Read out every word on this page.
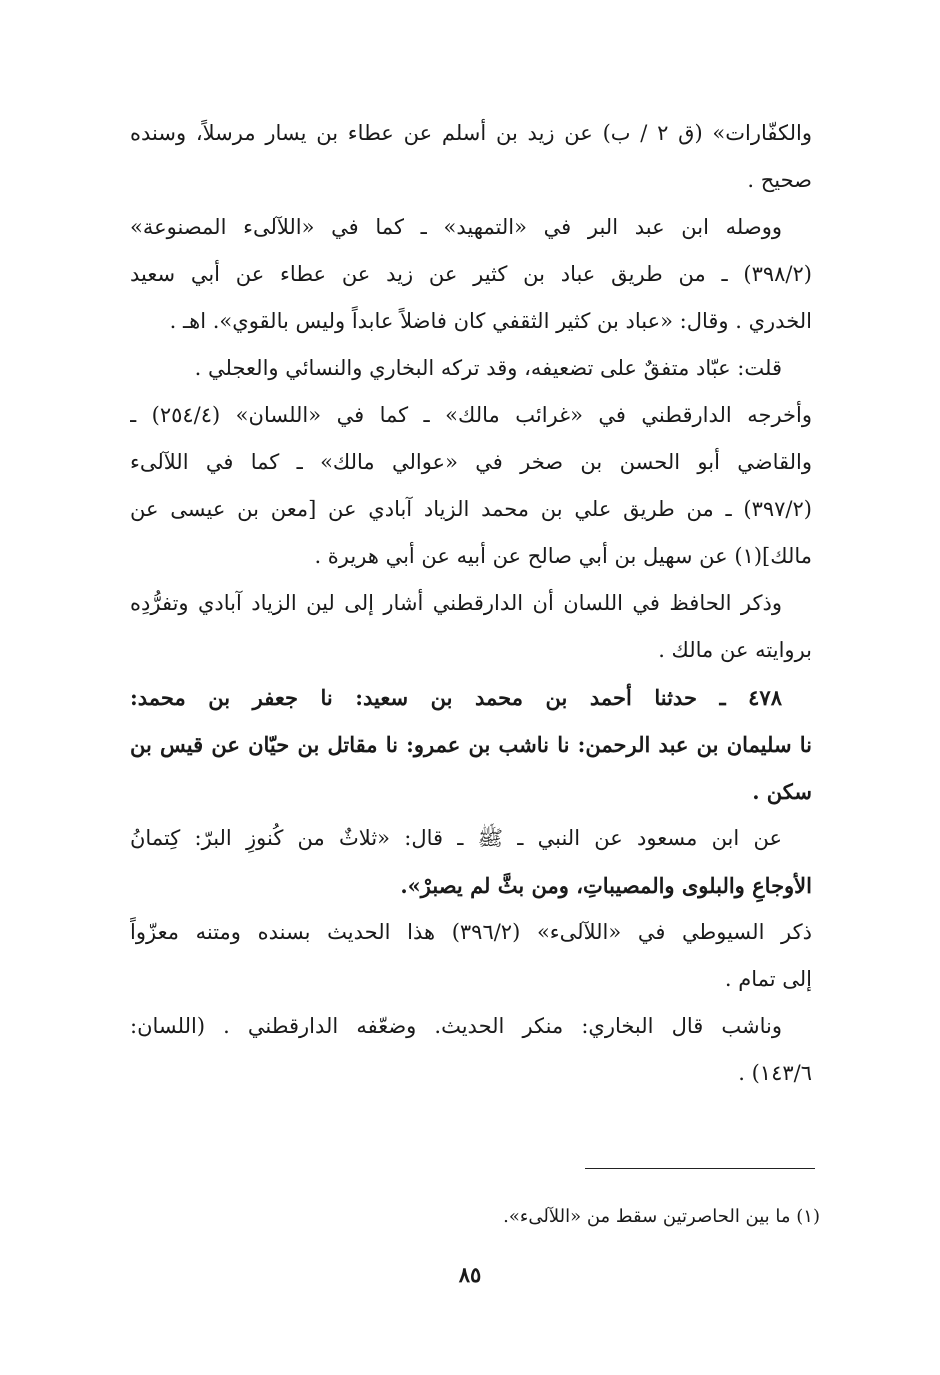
والكفّارات» (ق ٢ / ب) عن زيد بن أسلم عن عطاء بن يسار مرسلاً، وسنده
صحيح .
ووصله ابن عبد البر في «التمهيد» ـ كما في «اللآلىء المصنوعة»
(٣٩٨/٢) ـ من طريق عباد بن كثير عن زيد عن عطاء عن أبي سعيد
الخدري . وقال: «عباد بن كثير الثقفي كان فاضلاً عابداً وليس بالقوي». اهـ .
قلت: عبّاد متفقٌ على تضعيفه، وقد تركه البخاري والنسائي والعجلي .
وأخرجه الدارقطني في «غرائب مالك» ـ كما في «اللسان» (٢٥٤/٤) ـ
والقاضي أبو الحسن بن صخر في «عوالي مالك» ـ كما في اللآلىء
(٣٩٧/٢) ـ من طريق علي بن محمد الزياد آبادي عن [معن بن عيسى عن
مالك](١) عن سهيل بن أبي صالح عن أبيه عن أبي هريرة .
وذكر الحافظ في اللسان أن الدارقطني أشار إلى لين الزياد آبادي وتفرُّدِه
بروايته عن مالك .
٤٧٨ ـ حدثنا أحمد بن محمد بن سعيد: نا جعفر بن محمد:
نا سليمان بن عبد الرحمن: نا ناشب بن عمرو: نا مقاتل بن حيّان عن قيس بن
سكن .
عن ابن مسعود عن النبي ـ ﷺ ـ قال: «ثلاثٌ من كُنوزِ البرّ: كِتمانُ
الأوجاعِ والبلوى والمصيباتِ، ومن بثَّ لم يصبرْ».
ذكر السيوطي في «اللآلىء» (٣٩٦/٢) هذا الحديث بسنده ومتنه معزّواً
إلى تمام .
وناشب قال البخاري: منكر الحديث. وضعّفه الدارقطني . (اللسان:
١٤٣/٦) .
(١) ما بين الحاصرتين سقط من «اللآلىء».
٨٥
